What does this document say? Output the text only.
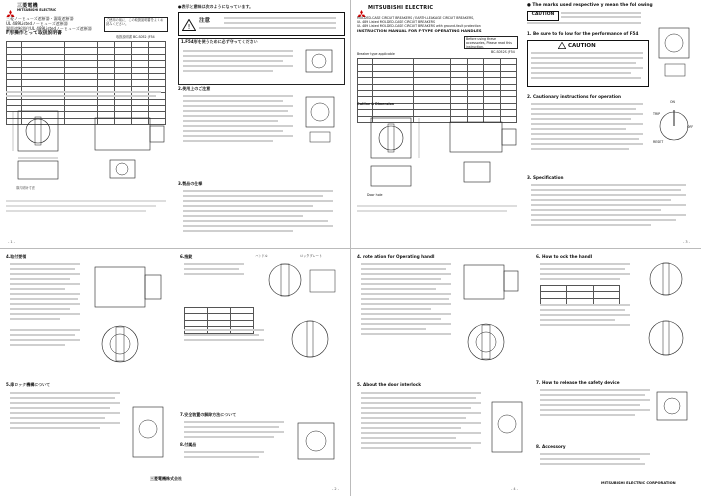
三菱電機
MITSUBISHI ELECTRIC
三菱ノーヒューズ遮断器・漏電遮断器
UL 489Listedノーヒューズ遮断器
漏電遮断器付UL 489Listedノーヒューズ遮断器
F形操作とって取扱説明書
ご使用の前に、この取扱説明書をよくお読みください。
取扱説明書 BC-S052 (F54

扉穴明け寸法
●表示と意味は次のようになっています。
!
注意
1.F54形を使うために必ず守ってください
2.使用上のご注意
3.製品の仕様
- 1 -
MITSUBISHI ELECTRIC
MOLDED-CASE CIRCUIT BREAKERS / EARTH-LEAKAGE CIRCUIT BREAKERS,
UL 489 Listed MOLDED-CASE CIRCUIT BREAKERS
UL 489 Listed MOLDED-CASE CIRCUIT BREAKERS with ground-fault protection
INSTRUCTION MANUAL FOR F-TYPE OPERATING HANDLES
Before using these accessories, Please read this instruction.
BC-S052S (F54
Breaker type applicable

Outline & Dimension
Door hole
● The marks used respective y mean the fol owing
CAUTION
1. Be sure to fo low for the performance of F54
CAUTION
2. Cautionary instructions for operation
ON
OFF
TRIP
RESET
3. Specification
- 3 -
4.取付要領
5.扉ロック機構について
6.施錠	ハンドル	ロックプレート

7.安全装置の解除方法について
8.付属品
三菱電機株式会社
- 2 -
4. rote ation for Operating handl
5. About the door interlock
6. How to ock the handl

7. How to release the safety device
8. Accessory
MITSUBISHI ELECTRIC CORPORATION
- 4 -
